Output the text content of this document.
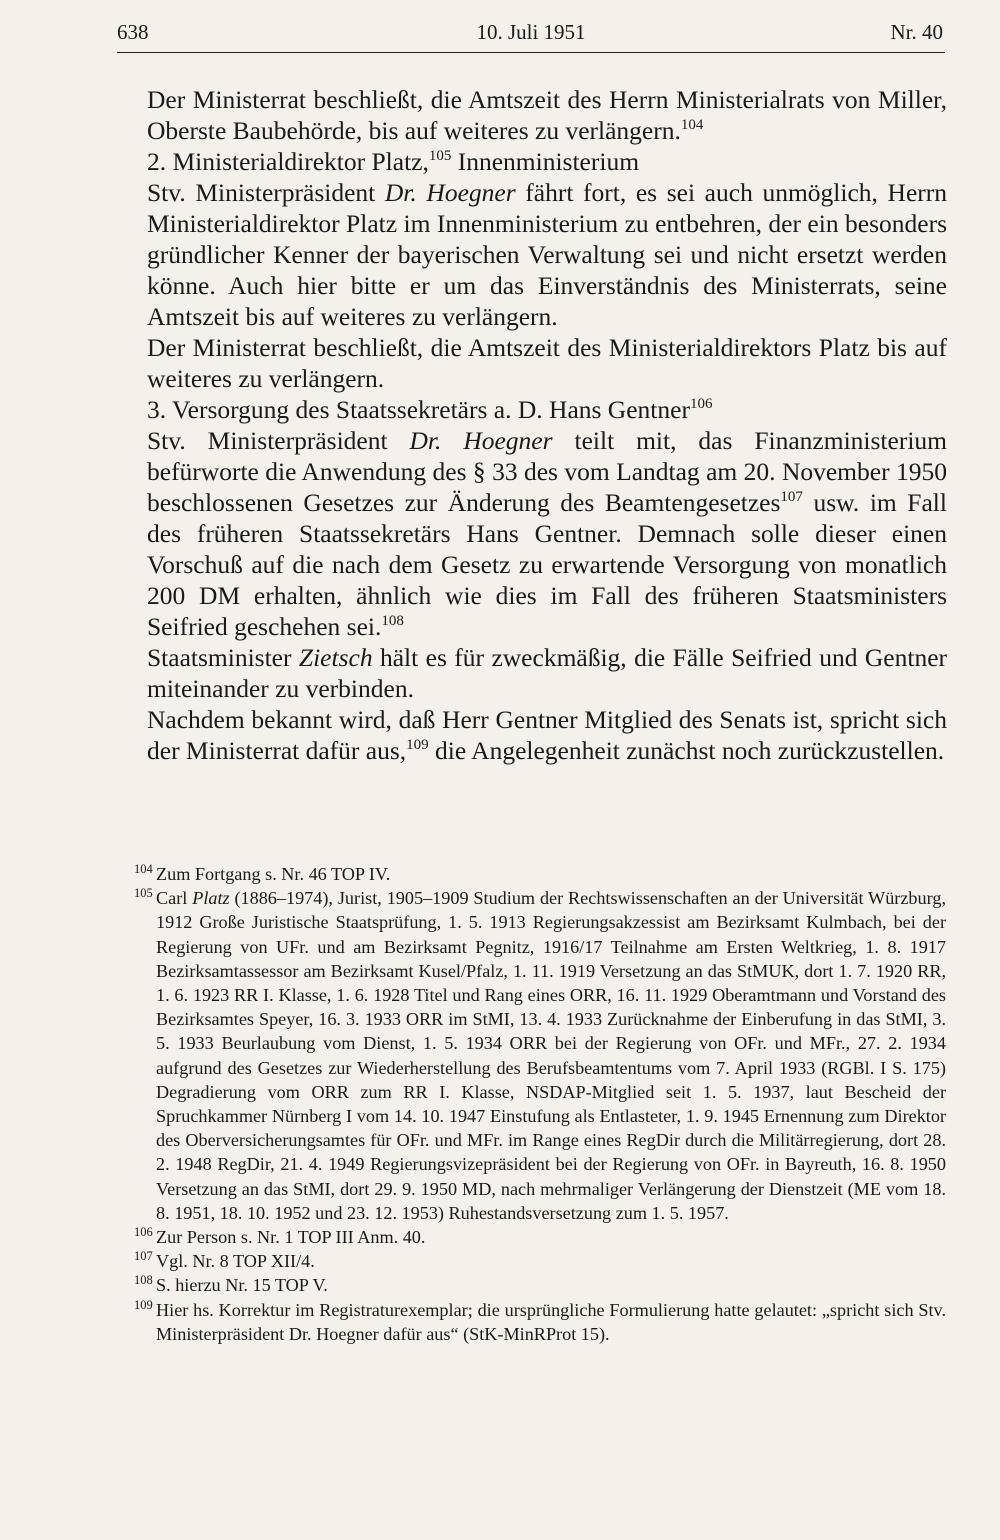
638	10. Juli 1951	Nr. 40

Der Ministerrat beschließt, die Amtszeit des Herrn Ministerialrats von Miller, Oberste Baubehörde, bis auf weiteres zu verlängern.$^{104}$

2. Ministerialdirektor Platz,$^{105}$ Innenministerium

Stv. Ministerpräsident Dr. Hoegner fährt fort, es sei auch unmöglich, Herrn Ministerialdirektor Platz im Innenministerium zu entbehren, der ein besonders gründlicher Kenner der bayerischen Verwaltung sei und nicht ersetzt werden könne. Auch hier bitte er um das Einverständnis des Ministerrats, seine Amtszeit bis auf weiteres zu verlängern.

Der Ministerrat beschließt, die Amtszeit des Ministerialdirektors Platz bis auf weiteres zu verlängern.

3. Versorgung des Staatssekretärs a. D. Hans Gentner$^{106}$

Stv. Ministerpräsident Dr. Hoegner teilt mit, das Finanzministerium befürworte die Anwendung des § 33 des vom Landtag am 20. November 1950 beschlossenen Gesetzes zur Änderung des Beamtengesetzes$^{107}$ usw. im Fall des früheren Staatssekretärs Hans Gentner. Demnach solle dieser einen Vorschuß auf die nach dem Gesetz zu erwartende Versorgung von monatlich 200 DM erhalten, ähnlich wie dies im Fall des früheren Staatsministers Seifried geschehen sei.$^{108}$

Staatsminister Zietsch hält es für zweckmäßig, die Fälle Seifried und Gentner miteinander zu verbinden.

Nachdem bekannt wird, daß Herr Gentner Mitglied des Senats ist, spricht sich der Ministerrat dafür aus,$^{109}$ die Angelegenheit zunächst noch zurückzustellen.

104 Zum Fortgang s. Nr. 46 TOP IV.

105 Carl Platz (1886–1974), Jurist, 1905–1909 Studium der Rechtswissenschaften an der Universität Würzburg, 1912 Große Juristische Staatsprüfung, 1. 5. 1913 Regierungsakzessist am Bezirksamt Kulmbach, bei der Regierung von UFr. und am Bezirksamt Pegnitz, 1916/17 Teilnahme am Ersten Weltkrieg, 1. 8. 1917 Bezirksamtassessor am Bezirksamt Kusel/Pfalz, 1. 11. 1919 Versetzung an das StMUK, dort 1. 7. 1920 RR, 1. 6. 1923 RR I. Klasse, 1. 6. 1928 Titel und Rang eines ORR, 16. 11. 1929 Oberamtmann und Vorstand des Bezirksamtes Speyer, 16. 3. 1933 ORR im StMI, 13. 4. 1933 Zurücknahme der Einberufung in das StMI, 3. 5. 1933 Beurlaubung vom Dienst, 1. 5. 1934 ORR bei der Regierung von OFr. und MFr., 27. 2. 1934 aufgrund des Gesetzes zur Wiederherstellung des Berufsbeamtentums vom 7. April 1933 (RGBl. I S. 175) Degradierung vom ORR zum RR I. Klasse, NSDAP-Mitglied seit 1. 5. 1937, laut Bescheid der Spruchkammer Nürnberg I vom 14. 10. 1947 Einstufung als Entlasteter, 1. 9. 1945 Ernennung zum Direktor des Oberversicherungsamtes für OFr. und MFr. im Range eines RegDir durch die Militärregierung, dort 28. 2. 1948 RegDir, 21. 4. 1949 Regierungsvizepräsident bei der Regierung von OFr. in Bayreuth, 16. 8. 1950 Versetzung an das StMI, dort 29. 9. 1950 MD, nach mehrmaliger Verlängerung der Dienstzeit (ME vom 18. 8. 1951, 18. 10. 1952 und 23. 12. 1953) Ruhestandsversetzung zum 1. 5. 1957.

106 Zur Person s. Nr. 1 TOP III Anm. 40.

107 Vgl. Nr. 8 TOP XII/4.

108 S. hierzu Nr. 15 TOP V.

109 Hier hs. Korrektur im Registraturexemplar; die ursprüngliche Formulierung hatte gelautet: „spricht sich Stv. Ministerpräsident Dr. Hoegner dafür aus“ (StK-MinRProt 15).
